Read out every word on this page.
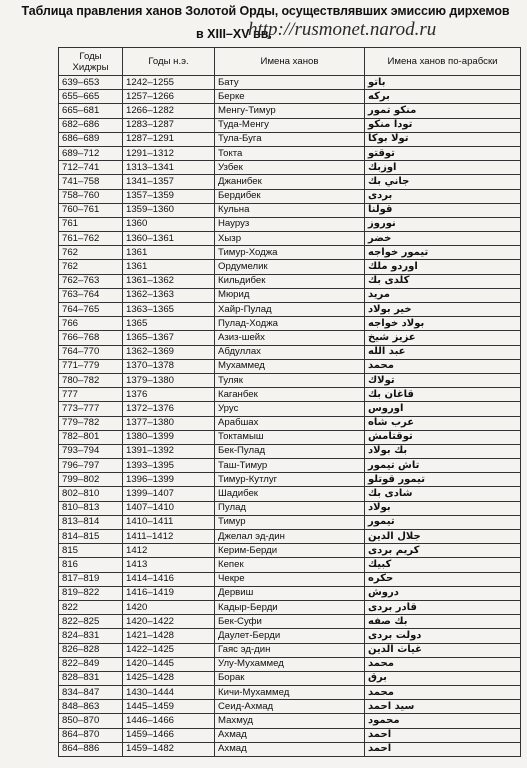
Таблица правления ханов Золотой Орды, осуществлявших эмиссию дирхемов
в XIII–XV вв.
http://rusmonet.narod.ru
Годы Хиджры	Годы н.э.	Имена ханов	Имена ханов по-арабски
639–653	1242–1255	Бату	باتو
655–665	1257–1266	Берке	بركه
665–681	1266–1282	Менгу-Тимур	منكو تمور
682–686	1283–1287	Туда-Менгу	تودا منكو
686–689	1287–1291	Тула-Буга	تولا بوكا
689–712	1291–1312	Токта	توقتو
712–741	1313–1341	Узбек	اوزبك
741–758	1341–1357	Джанибек	جاني بك
758–760	1357–1359	Бердибек	بردى
760–761	1359–1360	Кульна	قولنا
761	1360	Науруз	نوروز
761–762	1360–1361	Хызр	خضر
762	1361	Тимур-Ходжа	تيمور خواجه
762	1361	Ордумелик	اوردو ملك
762–763	1361–1362	Кильдибек	كلدى بك
763–764	1362–1363	Мюрид	مريد
764–765	1363–1365	Хайр-Пулад	خير بولاد
766	1365	Пулад-Ходжа	بولاد خواجه
766–768	1365–1367	Азиз-шейх	عزيز شيخ
764–770	1362–1369	Абдуллах	عبد الله
771–779	1370–1378	Мухаммед	محمد
780–782	1379–1380	Туляк	تولاك
777	1376	Каганбек	قاغان بك
773–777	1372–1376	Урус	اوروس
779–782	1377–1380	Арабшах	عرب شاه
782–801	1380–1399	Токтамыш	توقتامش
793–794	1391–1392	Бек-Пулад	بك بولاد
796–797	1393–1395	Таш-Тимур	تاش تيمور
799–802	1396–1399	Тимур-Кутлуг	تيمور قوتلو
802–810	1399–1407	Шадибек	شادى بك
810–813	1407–1410	Пулад	بولاد
813–814	1410–1411	Тимур	تيمور
814–815	1411–1412	Джелал эд-дин	جلال الدين
815	1412	Керим-Берди	كريم بردى
816	1413	Кепек	كبيك
817–819	1414–1416	Чекре	حكره
819–822	1416–1419	Дервиш	دروش
822	1420	Кадыр-Берди	قادر بردى
822–825	1420–1422	Бек-Суфи	بك صفه
824–831	1421–1428	Даулет-Берди	دولت بردى
826–828	1422–1425	Гаяс эд-дин	غياث الدين
822–849	1420–1445	Улу-Мухаммед	محمد
828–831	1425–1428	Борак	برق
834–847	1430–1444	Кичи-Мухаммед	محمد
848–863	1445–1459	Сеид-Ахмад	سيد احمد
850–870	1446–1466	Махмуд	محمود
864–870	1459–1466	Ахмад	احمد
864–886	1459–1482	Ахмад	احمد
